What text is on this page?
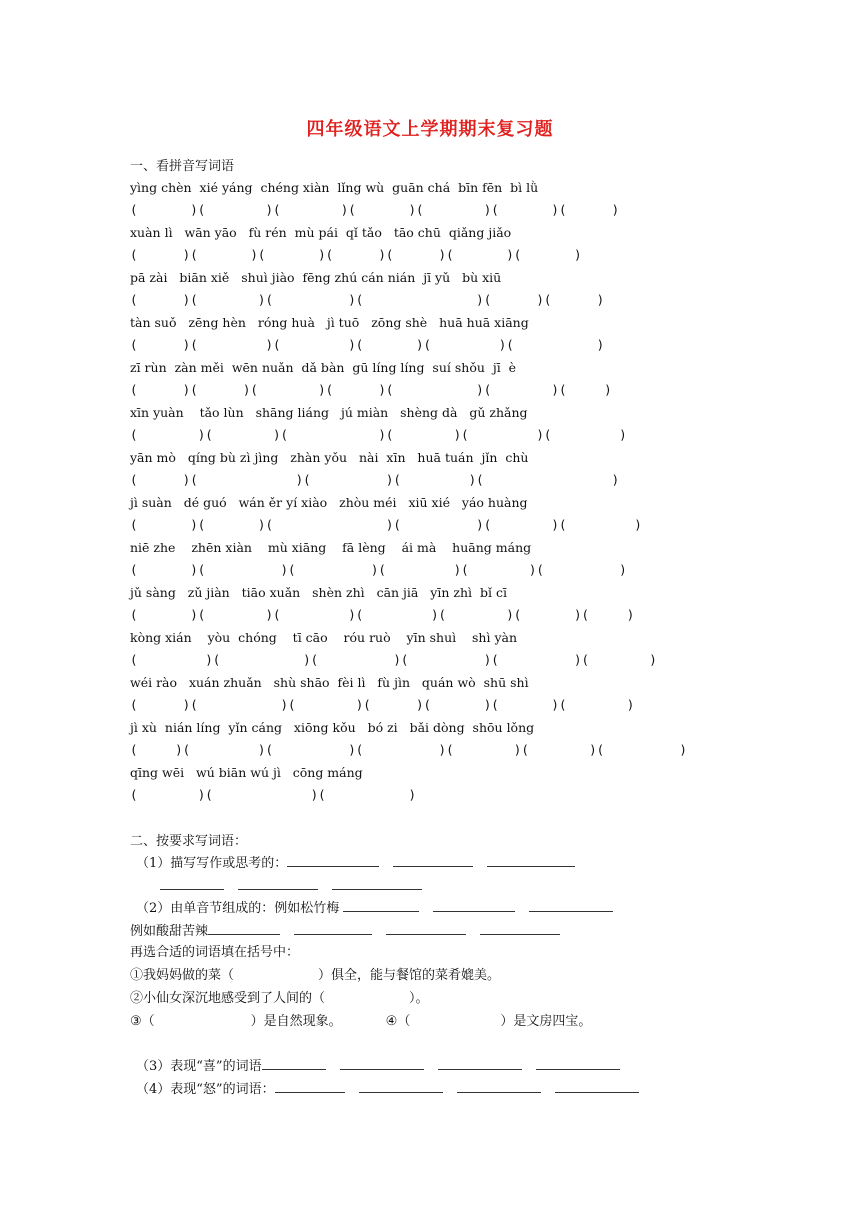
四年级语文上学期期末复习题
一、看拼音写词语
yìng chèn  xié yáng  chéng xiàn  lǐng wù  guān chá  bīn fēn  bì lǜ
(       )(        )(        )(       )(        )(       )(      )
xuàn lì   wān yāo   fù rén  mù pái  qǐ tǎo   tāo chū  qiǎng jiǎo
(      )(       )(       )(      )(      )(       )(       )
pā zài   biān xiě   shuì jiào  fēng zhú cán nián  jī yǔ   bù xiū
(      )(        )(          )(               )(      )(      )
tàn suǒ   zēng hèn   róng huà   jì tuō   zōng shè   huā huā xiāng
(      )(         )(         )(       )(         )(           )
zī rùn  zàn měi  wēn nuǎn  dǎ bàn  gū líng líng  suí shǒu  jī  è
(      )(      )(        )(      )(           )(        )(     )
xīn yuàn    tǎo lùn   shāng liáng   jú miàn   shèng dà   gǔ zhǎng
(        )(        )(            )(        )(         )(         )
yān mò   qíng bù zì jìng   zhàn yǒu   nài  xīn   huā tuán  jǐn  chù
(      )(             )(          )(         )(                 )
jì suàn   dé guó   wán ěr yí xiào   zhòu méi   xiū xié   yáo huàng
(       )(       )(               )(          )(        )(         )
niē zhe    zhēn xiàn    mù xiāng    fā lèng    ái mà    huāng máng
(       )(          )(          )(         )(        )(          )
jǔ sàng   zǔ jiàn   tiāo xuǎn   shèn zhì   cān jiā   yīn zhì  bǐ cī
(       )(        )(         )(         )(        )(       )(     )
kòng xián    yòu  chóng    tī cāo    róu ruò    yīn shuì    shì yàn
(         )(           )(          )(          )(          )(        )
wéi rào   xuán zhuǎn   shù shāo  fèi lì   fù jìn   quán wò  shū shì
(      )(           )(        )(      )(       )(       )(        )
jì xù  nián líng  yǐn cáng   xiōng kǒu   bó zi   bǎi dòng  shōu lǒng
(     )(         )(          )(          )(        )(        )(          )
qīng wēi   wú biān wú jì   cōng máng
(        )(             )(           )
二、按要求写词语：
（1）描写写作或思考的：
（2）由单音节组成的：例如松竹梅
例如酸甜苦辣
再选合适的词语填在括号中：
①我妈妈做的菜（	）俱全，能与餐馆的菜肴媲美。
②小仙女深沉地感受到了人间的（	）。
③（	）是自然现象。	④（	）是文房四宝。
（3）表现“喜”的词语
（4）表现“怒”的词语：
